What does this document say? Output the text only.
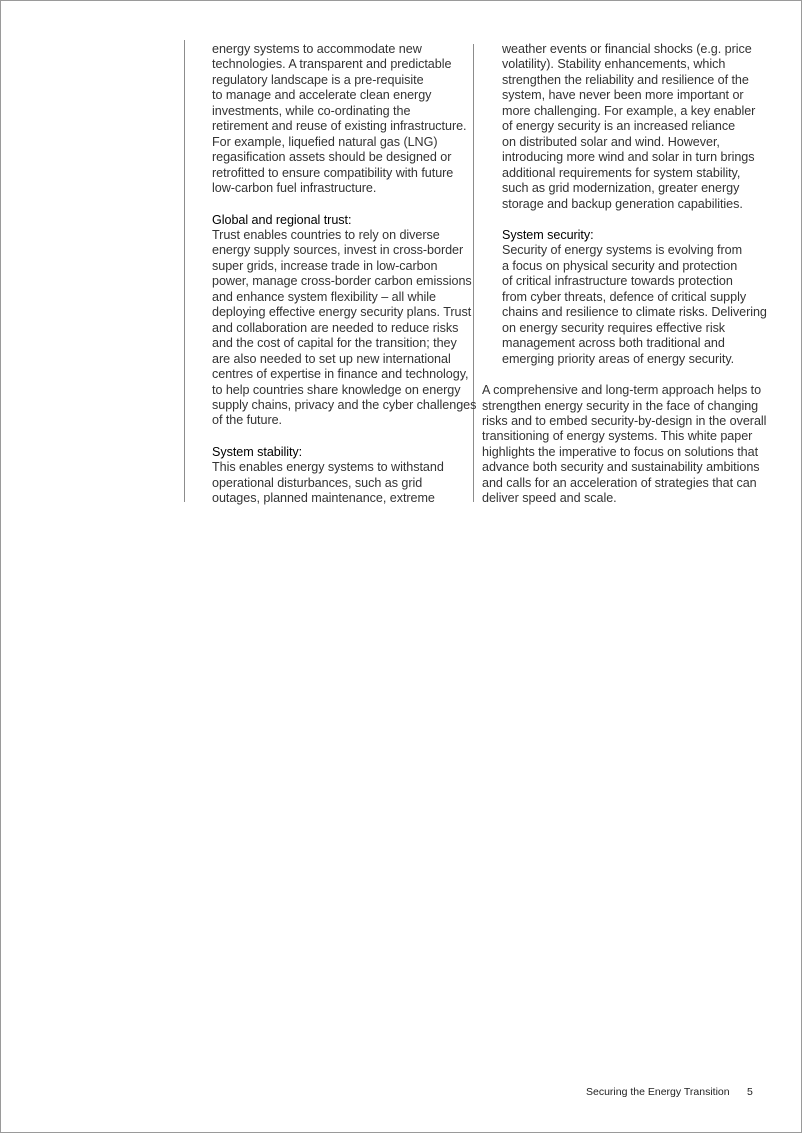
energy systems to accommodate new

technologies. A transparent and predictable

regulatory landscape is a pre-requisite

to manage and accelerate clean energy

investments, while co-ordinating the

retirement and reuse of existing infrastructure.

For example, liquefied natural gas (LNG)

regasification assets should be designed or

retrofitted to ensure compatibility with future

low-carbon fuel infrastructure.

Global and regional trust:

Trust enables countries to rely on diverse

energy supply sources, invest in cross-border

super grids, increase trade in low-carbon

power, manage cross-border carbon emissions

and enhance system flexibility – all while

deploying effective energy security plans. Trust

and collaboration are needed to reduce risks

and the cost of capital for the transition; they

are also needed to set up new international

centres of expertise in finance and technology,

to help countries share knowledge on energy

supply chains, privacy and the cyber challenges

of the future.

System stability:

This enables energy systems to withstand

operational disturbances, such as grid

outages, planned maintenance, extreme

weather events or financial shocks (e.g. price

volatility). Stability enhancements, which

strengthen the reliability and resilience of the

system, have never been more important or

more challenging. For example, a key enabler

of energy security is an increased reliance

on distributed solar and wind. However,

introducing more wind and solar in turn brings

additional requirements for system stability,

such as grid modernization, greater energy

storage and backup generation capabilities.

System security:

Security of energy systems is evolving from

a focus on physical security and protection

of critical infrastructure towards protection

from cyber threats, defence of critical supply

chains and resilience to climate risks. Delivering

on energy security requires effective risk

management across both traditional and

emerging priority areas of energy security.

A comprehensive and long-term approach helps to

strengthen energy security in the face of changing

risks and to embed security-by-design in the overall

transitioning of energy systems. This white paper

highlights the imperative to focus on solutions that

advance both security and sustainability ambitions

and calls for an acceleration of strategies that can

deliver speed and scale.

Securing the Energy Transition 5
